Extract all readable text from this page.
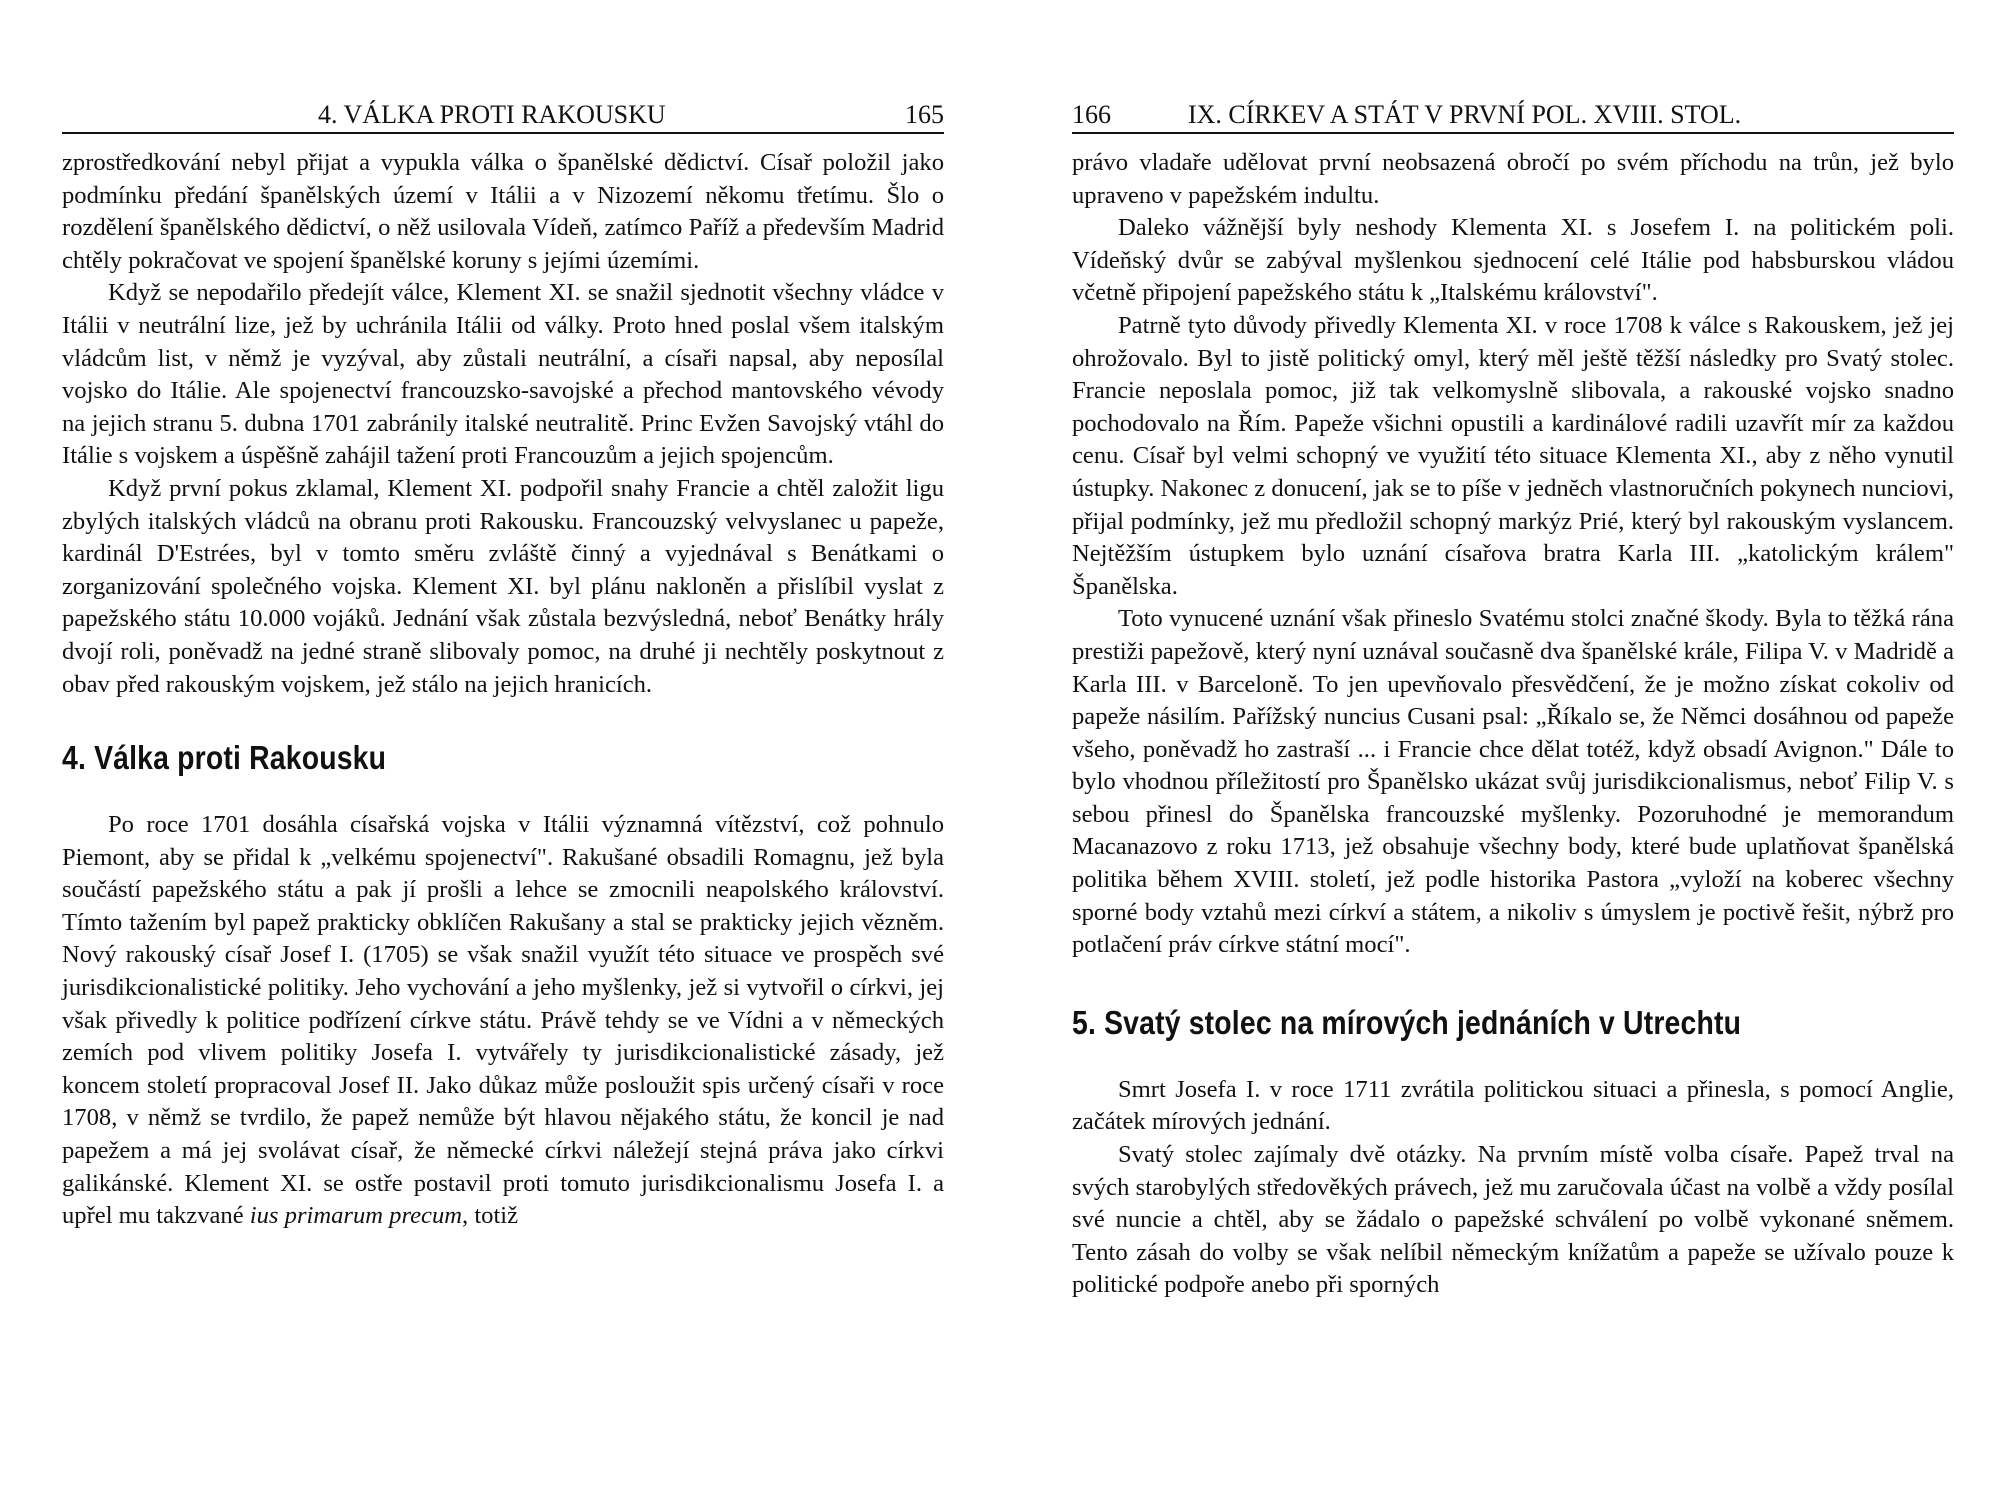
4. VÁLKA PROTI RAKOUSKU	165

zprostředkování nebyl přijat a vypukla válka o španělské dědictví. Císař položil jako podmínku předání španělských území v Itálii a v Nizozemí někomu třetímu. Šlo o rozdělení španělského dědictví, o něž usilovala Vídeň, zatímco Paříž a především Madrid chtěly pokračovat ve spojení španělské koruny s jejími územími.

Když se nepodařilo předejít válce, Klement XI. se snažil sjednotit všechny vládce v Itálii v neutrální lize, jež by uchránila Itálii od války. Proto hned poslal všem italským vládcům list, v němž je vyzýval, aby zůstali neutrální, a císaři napsal, aby neposílal vojsko do Itálie. Ale spojenectví francouzsko-savojské a přechod mantovského vévody na jejich stranu 5. dubna 1701 zabránily italské neutralitě. Princ Evžen Savojský vtáhl do Itálie s vojskem a úspěšně zahájil tažení proti Francouzům a jejich spojencům.

Když první pokus zklamal, Klement XI. podpořil snahy Francie a chtěl založit ligu zbylých italských vládců na obranu proti Rakousku. Francouzský velvyslanec u papeže, kardinál D'Estrées, byl v tomto směru zvláště činný a vyjednával s Benátkami o zorganizování společného vojska. Klement XI. byl plánu nakloněn a přislíbil vyslat z papežského státu 10.000 vojáků. Jednání však zůstala bezvýsledná, neboť Benátky hrály dvojí roli, poněvadž na jedné straně slibovaly pomoc, na druhé ji nechtěly poskytnout z obav před rakouským vojskem, jež stálo na jejich hranicích.

4. Válka proti Rakousku

Po roce 1701 dosáhla císařská vojska v Itálii významná vítězství, což pohnulo Piemont, aby se přidal k „velkému spojenectví". Rakušané obsadili Romagnu, jež byla součástí papežského státu a pak jí prošli a lehce se zmocnili neapolského království. Tímto tažením byl papež prakticky obklíčen Rakušany a stal se prakticky jejich vězněm. Nový rakouský císař Josef I. (1705) se však snažil využít této situace ve prospěch své jurisdikcionalistické politiky. Jeho vychování a jeho myšlenky, jež si vytvořil o církvi, jej však přivedly k politice podřízení církve státu. Právě tehdy se ve Vídni a v německých zemích pod vlivem politiky Josefa I. vytvářely ty jurisdikcionalistické zásady, jež koncem století propracoval Josef II. Jako důkaz může posloužit spis určený císaři v roce 1708, v němž se tvrdilo, že papež nemůže být hlavou nějakého státu, že koncil je nad papežem a má jej svolávat císař, že německé církvi náležejí stejná práva jako církvi galikánské. Klement XI. se ostře postavil proti tomuto jurisdikcionalismu Josefa I. a upřel mu takzvané ius primarum precum, totiž

166	IX. CÍRKEV A STÁT V PRVNÍ POL. XVIII. STOL.

právo vladaře udělovat první neobsazená obročí po svém příchodu na trůn, jež bylo upraveno v papežském indultu.

Daleko vážnější byly neshody Klementa XI. s Josefem I. na politickém poli. Vídeňský dvůr se zabýval myšlenkou sjednocení celé Itálie pod habsburskou vládou včetně připojení papežského státu k „Italskému království".

Patrně tyto důvody přivedly Klementa XI. v roce 1708 k válce s Rakouskem, jež jej ohrožovalo. Byl to jistě politický omyl, který měl ještě těžší následky pro Svatý stolec. Francie neposlala pomoc, již tak velkomyslně slibovala, a rakouské vojsko snadno pochodovalo na Řím. Papeže všichni opustili a kardinálové radili uzavřít mír za každou cenu. Císař byl velmi schopný ve využití této situace Klementa XI., aby z něho vynutil ústupky. Nakonec z donucení, jak se to píše v jednĕch vlastnoručních pokynech nunciovi, přijal podmínky, jež mu předložil schopný markýz Prié, který byl rakouským vyslancem. Nejtěžším ústupkem bylo uznání císařova bratra Karla III. „katolickým králem" Španělska.

Toto vynucené uznání však přineslo Svatému stolci značné škody. Byla to těžká rána prestiži papežově, který nyní uznával současně dva španělské krále, Filipa V. v Madridě a Karla III. v Barceloně. To jen upevňovalo přesvědčení, že je možno získat cokoliv od papeže násilím. Pařížský nuncius Cusani psal: „Říkalo se, že Němci dosáhnou od papeže všeho, poněvadž ho zastraší ... i Francie chce dělat totéž, když obsadí Avignon." Dále to bylo vhodnou příležitostí pro Španělsko ukázat svůj jurisdikcionalismus, neboť Filip V. s sebou přinesl do Španělska francouzské myšlenky. Pozoruhodné je memorandum Macanazovo z roku 1713, jež obsahuje všechny body, které bude uplatňovat španělská politika během XVIII. století, jež podle historika Pastora „vyloží na koberec všechny sporné body vztahů mezi církví a státem, a nikoliv s úmyslem je poctivě řešit, nýbrž pro potlačení práv církve státní mocí".

5. Svatý stolec na mírových jednáních v Utrechtu

Smrt Josefa I. v roce 1711 zvrátila politickou situaci a přinesla, s pomocí Anglie, začátek mírových jednání.

Svatý stolec zajímaly dvě otázky. Na prvním místě volba císaře. Papež trval na svých starobylých středověkých právech, jež mu zaručovala účast na volbě a vždy posílal své nuncie a chtěl, aby se žádalo o papežské schválení po volbě vykonané sněmem. Tento zásah do volby se však nelíbil německým knížatům a papeže se užívalo pouze k politické podpoře anebo při sporných
